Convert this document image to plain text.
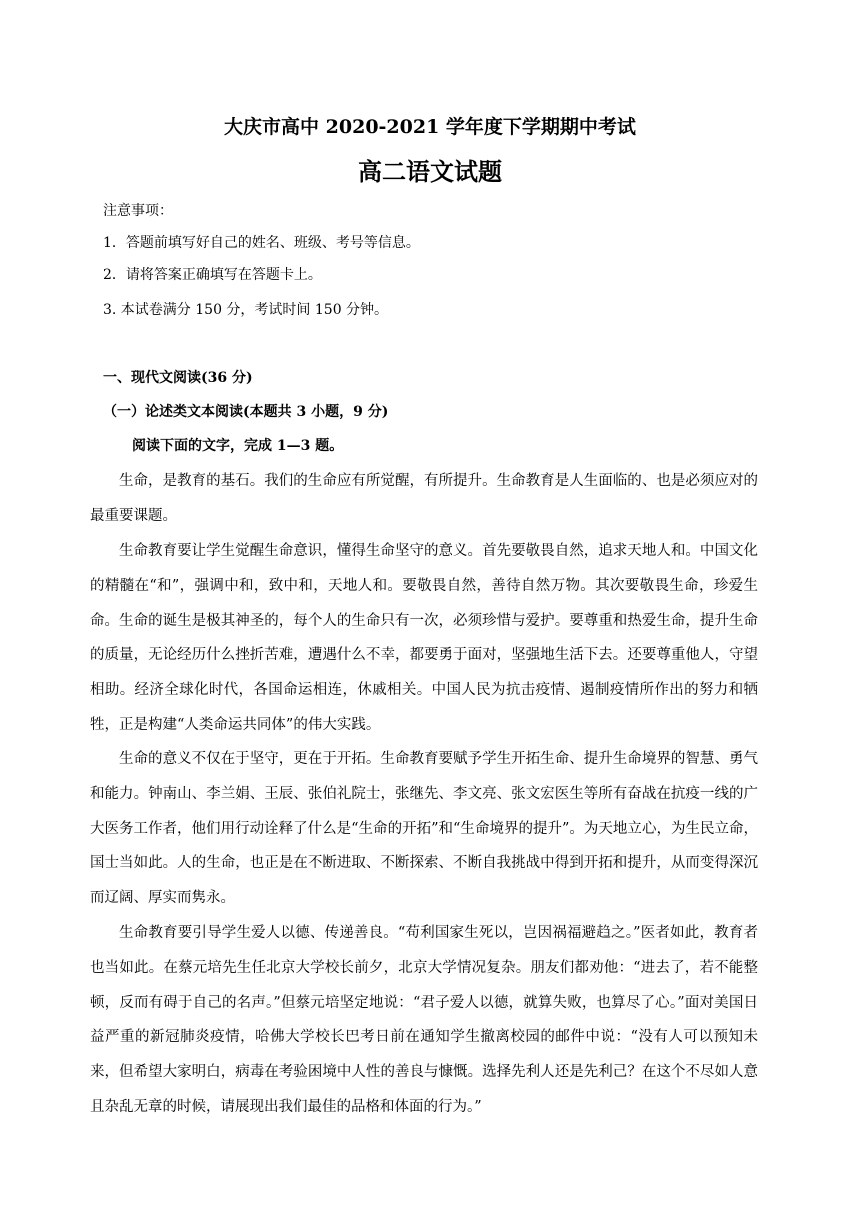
大庆市高中 2020-2021 学年度下学期期中考试
高二语文试题
注意事项：
1．答题前填写好自己的姓名、班级、考号等信息。
2．请将答案正确填写在答题卡上。
3. 本试卷满分 150 分，考试时间 150 分钟。
一、现代文阅读(36 分)
（一）论述类文本阅读(本题共 3 小题，9 分)
阅读下面的文字，完成 1—3 题。

生命，是教育的基石。我们的生命应有所觉醒，有所提升。生命教育是人生面临的、也是必须应对的最重要课题。

生命教育要让学生觉醒生命意识，懂得生命坚守的意义。首先要敬畏自然，追求天地人和。中国文化的精髓在“和”，强调中和，致中和，天地人和。要敬畏自然，善待自然万物。其次要敬畏生命，珍爱生命。生命的诞生是极其神圣的，每个人的生命只有一次，必须珍惜与爱护。要尊重和热爱生命，提升生命的质量，无论经历什么挫折苦难，遭遇什么不幸，都要勇于面对，坚强地生活下去。还要尊重他人，守望相助。经济全球化时代，各国命运相连，休戚相关。中国人民为抗击疫情、遏制疫情所作出的努力和牺牲，正是构建“人类命运共同体”的伟大实践。

生命的意义不仅在于坚守，更在于开拓。生命教育要赋予学生开拓生命、提升生命境界的智慧、勇气和能力。钟南山、李兰娟、王辰、张伯礼院士，张继先、李文亮、张文宏医生等所有奋战在抗疫一线的广大医务工作者，他们用行动诠释了什么是“生命的开拓”和“生命境界的提升”。为天地立心，为生民立命，国士当如此。人的生命，也正是在不断进取、不断探索、不断自我挑战中得到开拓和提升，从而变得深沉而辽阔、厚实而隽永。

生命教育要引导学生爱人以德、传递善良。“苟利国家生死以，岂因祸福避趋之。”医者如此，教育者也当如此。在蔡元培先生任北京大学校长前夕，北京大学情况复杂。朋友们都劝他：“进去了，若不能整顿，反而有碍于自己的名声。”但蔡元培坚定地说：“君子爱人以德，就算失败，也算尽了心。”面对美国日益严重的新冠肺炎疫情，哈佛大学校长巴考日前在通知学生撤离校园的邮件中说：“没有人可以预知未来，但希望大家明白，病毒在考验困境中人性的善良与慷慨。选择先利人还是先利己？在这个不尽如人意且杂乱无章的时候，请展现出我们最佳的品格和体面的行为。”
